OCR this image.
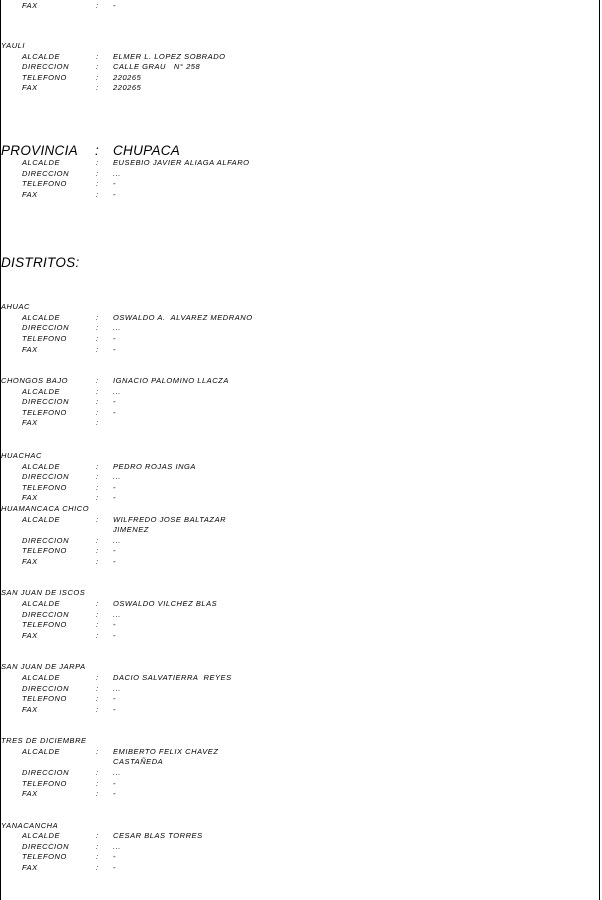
FAX	: -
YAULI
ALCALDE	: ELMER L. LOPEZ SOBRADO
DIRECCION	: CALLE GRAU   N° 258
TELEFONO	: 220265
FAX	: 220265
PROVINCIA : CHUPACA
ALCALDE	: EUSEBIO JAVIER ALIAGA ALFARO
DIRECCION	: ...
TELEFONO	: -
FAX	: -
DISTRITOS:
AHUAC
ALCALDE	: OSWALDO A.  ALVAREZ MEDRANO
DIRECCION	: ...
TELEFONO	: -
FAX	: -
CHONGOS BAJO	: IGNACIO PALOMINO LLACZA
ALCALDE	: ...
DIRECCION	: -
TELEFONO	: -
FAX	:
HUACHAC
ALCALDE	: PEDRO ROJAS INGA
DIRECCION	: ...
TELEFONO	: -
FAX	: -
HUAMANCACA CHICO
ALCALDE	: WILFREDO JOSE BALTAZAR
JIMENEZ
DIRECCION	: ...
TELEFONO	: -
FAX	: -
SAN JUAN DE ISCOS
ALCALDE	: OSWALDO VILCHEZ BLAS
DIRECCION	: ...
TELEFONO	: -
FAX	: -
SAN JUAN DE JARPA
ALCALDE	: DACIO SALVATIERRA  REYES
DIRECCION	: ...
TELEFONO	: -
FAX	: -
TRES DE DICIEMBRE
ALCALDE	: EMIBERTO FELIX CHAVEZ
CASTAÑEDA
DIRECCION	: ...
TELEFONO	: -
FAX	: -
YANACANCHA
ALCALDE	: CESAR BLAS TORRES
DIRECCION	: ...
TELEFONO	: -
FAX	: -
